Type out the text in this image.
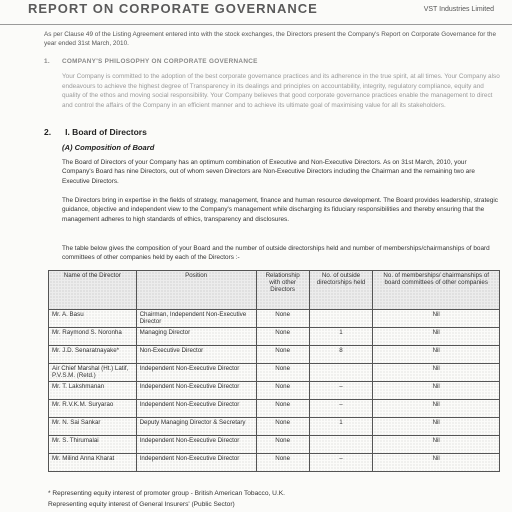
REPORT ON CORPORATE GOVERNANCE	VST Industries Limited
As per Clause 49 of the Listing Agreement entered into with the stock exchanges, the Directors present the Company's Report on Corporate Governance for the year ended 31st March, 2010.
1. COMPANY'S PHILOSOPHY ON CORPORATE GOVERNANCE
Your Company is committed to the adoption of the best corporate governance practices and its adherence in the true spirit, at all times. Your Company also endeavours to achieve the highest degree of Transparency in its dealings and principles on accountability, integrity, regulatory compliance, equity and quality of the ethos and moving social responsibility. Your Company believes that good corporate governance practices enable the management to direct and control the affairs of the Company in an efficient manner and to achieve its ultimate goal of maximising value for all its stakeholders.
2. I. Board of Directors
(A) Composition of Board
The Board of Directors of your Company has an optimum combination of Executive and Non-Executive Directors. As on 31st March, 2010, your Company's Board has nine Directors, out of whom seven Directors are Non-Executive Directors including the Chairman and the remaining two are Executive Directors.
The Directors bring in expertise in the fields of strategy, management, finance and human resource development. The Board provides leadership, strategic guidance, objective and independent view to the Company's management while discharging its fiduciary responsibilities and thereby ensuring that the management adheres to high standards of ethics, transparency and disclosures.
The table below gives the composition of your Board and the number of outside directorships held and number of memberships/chairmanships of board committees of other companies held by each of the Directors :-
Name of the Director	Position	Relationship with other Directors	No. of outside directorships held	No. of memberships/ chairmanships of board committees of other companies
Mr. A. Basu	Chairman, Independent Non-Executive Director	None		Nil
Mr. Raymond S. Noronha	Managing Director	None	1	Nil
Mr. J.D. Senaratnayake*	Non-Executive Director	None	8	Nil
Air Chief Marshal (Ht.) Latif, P.V.S.M. (Retd.)	Independent Non-Executive Director	None		Nil
Mr. T. Lakshmanan	Independent Non-Executive Director	None	–	Nil
Mr. R.V.K.M. Suryarao	Independent Non-Executive Director	None	–	Nil
Mr. N. Sai Sankar	Deputy Managing Director & Secretary	None	1	Nil
Mr. S. Thirumalai	Independent Non-Executive Director	None		Nil
Mr. Milind Anna Kharat	Independent Non-Executive Director	None	–	Nil
* Representing equity interest of promoter group - British American Tobacco, U.K.
Representing equity interest of General Insurers' (Public Sector)
